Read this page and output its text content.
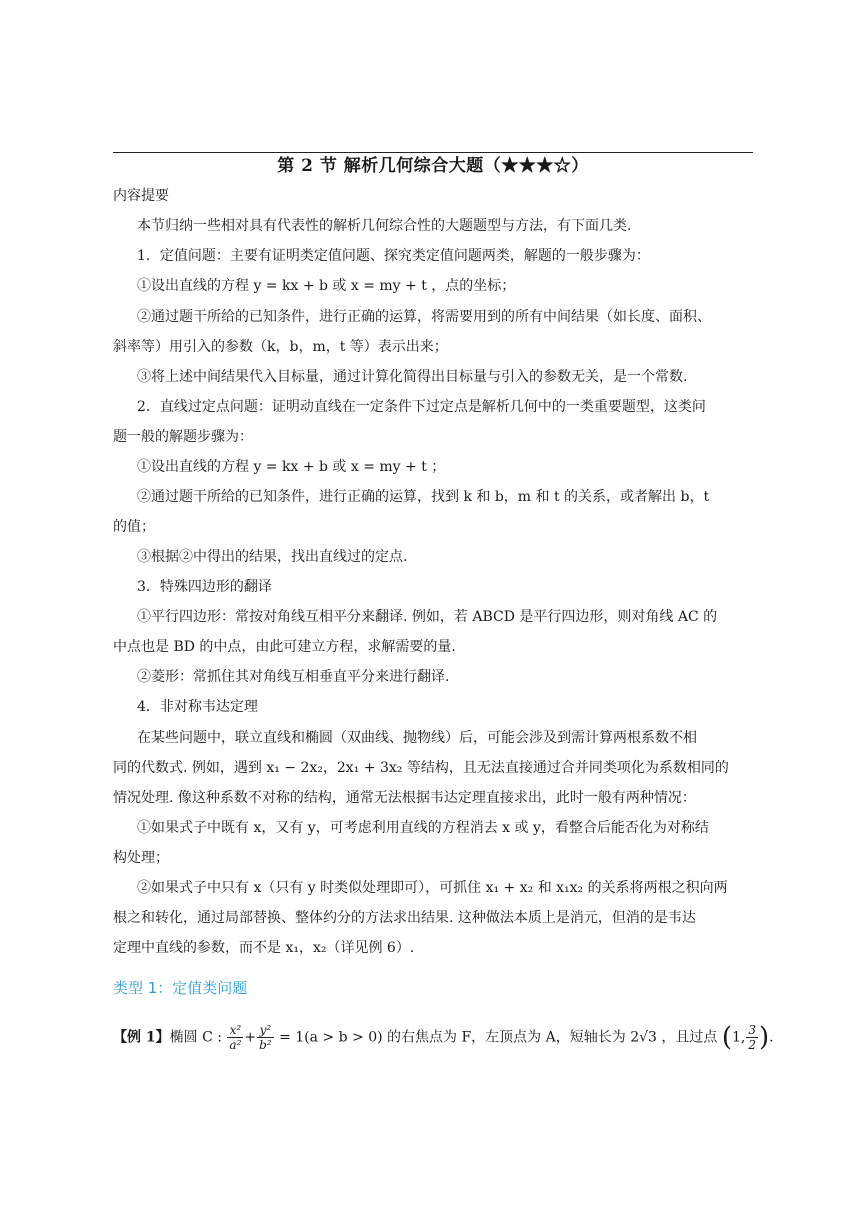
第 2 节 解析几何综合大题（★★★☆）
内容提要
本节归纳一些相对具有代表性的解析几何综合性的大题题型与方法，有下面几类.
1．定值问题：主要有证明类定值问题、探究类定值问题两类，解题的一般步骤为：
①设出直线的方程 y = kx + b 或 x = my + t ，点的坐标；
②通过题干所给的已知条件，进行正确的运算，将需要用到的所有中间结果（如长度、面积、
斜率等）用引入的参数（k，b，m，t 等）表示出来；
③将上述中间结果代入目标量，通过计算化简得出目标量与引入的参数无关，是一个常数.
2．直线过定点问题：证明动直线在一定条件下过定点是解析几何中的一类重要题型，这类问
题一般的解题步骤为：
①设出直线的方程 y = kx + b 或 x = my + t ；
②通过题干所给的已知条件，进行正确的运算，找到 k 和 b，m 和 t 的关系，或者解出 b，t
的值；
③根据②中得出的结果，找出直线过的定点.
3．特殊四边形的翻译
①平行四边形：常按对角线互相平分来翻译. 例如，若 ABCD 是平行四边形，则对角线 AC 的
中点也是 BD 的中点，由此可建立方程，求解需要的量.
②菱形：常抓住其对角线互相垂直平分来进行翻译.
4．非对称韦达定理
在某些问题中，联立直线和椭圆（双曲线、抛物线）后，可能会涉及到需计算两根系数不相
同的代数式. 例如，遇到 x₁ − 2x₂，2x₁ + 3x₂ 等结构，且无法直接通过合并同类项化为系数相同的
情况处理. 像这种系数不对称的结构，通常无法根据韦达定理直接求出，此时一般有两种情况：
①如果式子中既有 x，又有 y，可考虑利用直线的方程消去 x 或 y，看整合后能否化为对称结
构处理；
②如果式子中只有 x（只有 y 时类似处理即可），可抓住 x₁ + x₂ 和 x₁x₂ 的关系将两根之积向两
根之和转化，通过局部替换、整体约分的方法求出结果. 这种做法本质上是消元，但消的是韦达
定理中直线的参数，而不是 x₁，x₂（详见例 6）.
类型 1：定值类问题
【例 1】椭圆 C : $\frac{\text{x²}}{\text{a²}} + \frac{\text{y²}}{\text{b²}} = 1(a > b > 0)$ 的右焦点为 F，左顶点为 A，短轴长为 2√3 ，且过点 (1, $\frac{3}{2}$ ).
